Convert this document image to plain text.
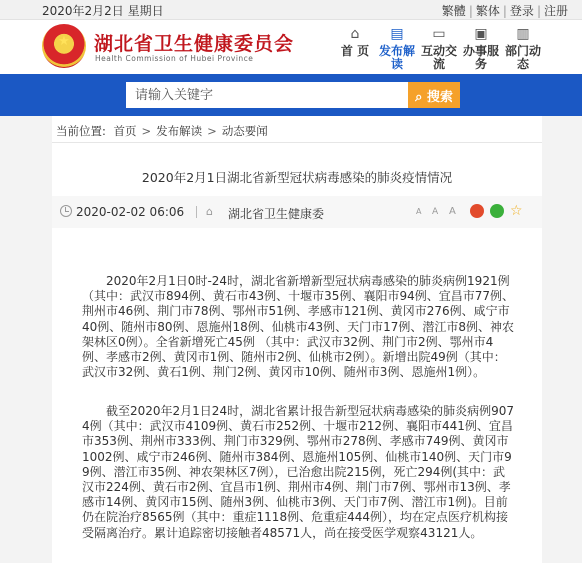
2020年2月2日 星期日	繁體 | 繁体 | 登录 | 注册
★	湖北省卫生健康委员会
Health Commission of Hubei Province
⌂
首 页
▤
发布解读
▭
互动交流
▣
办事服务
▥
部门动态
请输入关键字
⌕ 搜索
当前位置: 首页 > 发布解读 > 动态要闻
2020年2月1日湖北省新型冠状病毒感染的肺炎疫情情况
2020-02-02 06:06 ⌂	湖北省卫生健康委	A A A	☆
2020年2月1日0时-24时，湖北省新增新型冠状病毒感染的肺炎病例1921例（其中：武汉市894例、黄石市43例、十堰市35例、襄阳市94例、宜昌市77例、荆州市46例、荆门市78例、鄂州市51例、孝感市121例、黄冈市276例、咸宁市40例、随州市80例、恩施州18例、仙桃市43例、天门市17例、潜江市8例、神农架林区0例）。全省新增死亡45例 （其中：武汉市32例、荆门市2例、鄂州市4例、孝感市2例、黄冈市1例、随州市2例、仙桃市2例）。新增出院49例（其中：武汉市32例、黄石1例、荆门2例、黄冈市10例、随州市3例、恩施州1例）。
截至2020年2月1日24时，湖北省累计报告新型冠状病毒感染的肺炎病例9074例（其中：武汉市4109例、黄石市252例、十堰市212例、襄阳市441例、宜昌市353例、荆州市333例、荆门市329例、鄂州市278例、孝感市749例、黄冈市1002例、咸宁市246例、随州市384例、恩施州105例、仙桃市140例、天门市99例、潜江市35例、神农架林区7例），已治愈出院215例，死亡294例(其中：武汉市224例、黄石市2例、宜昌市1例、荆州市4例、荆门市7例、鄂州市13例、孝感市14例、黄冈市15例、随州3例、仙桃市3例、天门市7例、潜江市1例)。目前仍在院治疗8565例（其中：重症1118例、危重症444例），均在定点医疗机构接受隔离治疗。累计追踪密切接触者48571人，尚在接受医学观察43121人。
